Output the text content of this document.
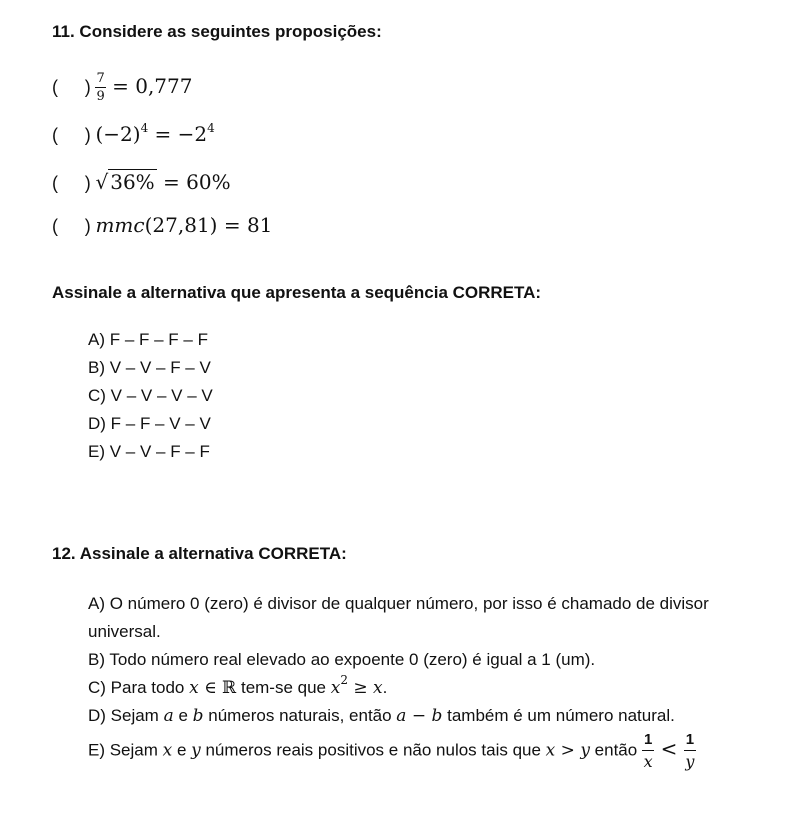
11. Considere as seguintes proposições:
( ) $\frac{7}{9} = 0,777$
( ) $(-2)^4 = -2^4$
( ) √ 36% = 60%
( ) mmc(27,81) = 81
Assinale a alternativa que apresenta a sequência CORRETA:
A) F – F – F – F
B) V – V – F – V
C) V – V – V – V
D) F – F – V – V
E) V – V – F – F
12. Assinale a alternativa CORRETA:
A) O número 0 (zero) é divisor de qualquer número, por isso é chamado de divisor
universal.
B) Todo número real elevado ao expoente 0 (zero) é igual a 1 (um).
C) Para todo x ∈ ℝ tem-se que $x^2 \ge x$.
D) Sejam a e b números naturais, então a − b também é um número natural.
E) Sejam x e y números reais positivos e não nulos tais que x > y então $\frac{1}{x} < \frac{1}{y}$
